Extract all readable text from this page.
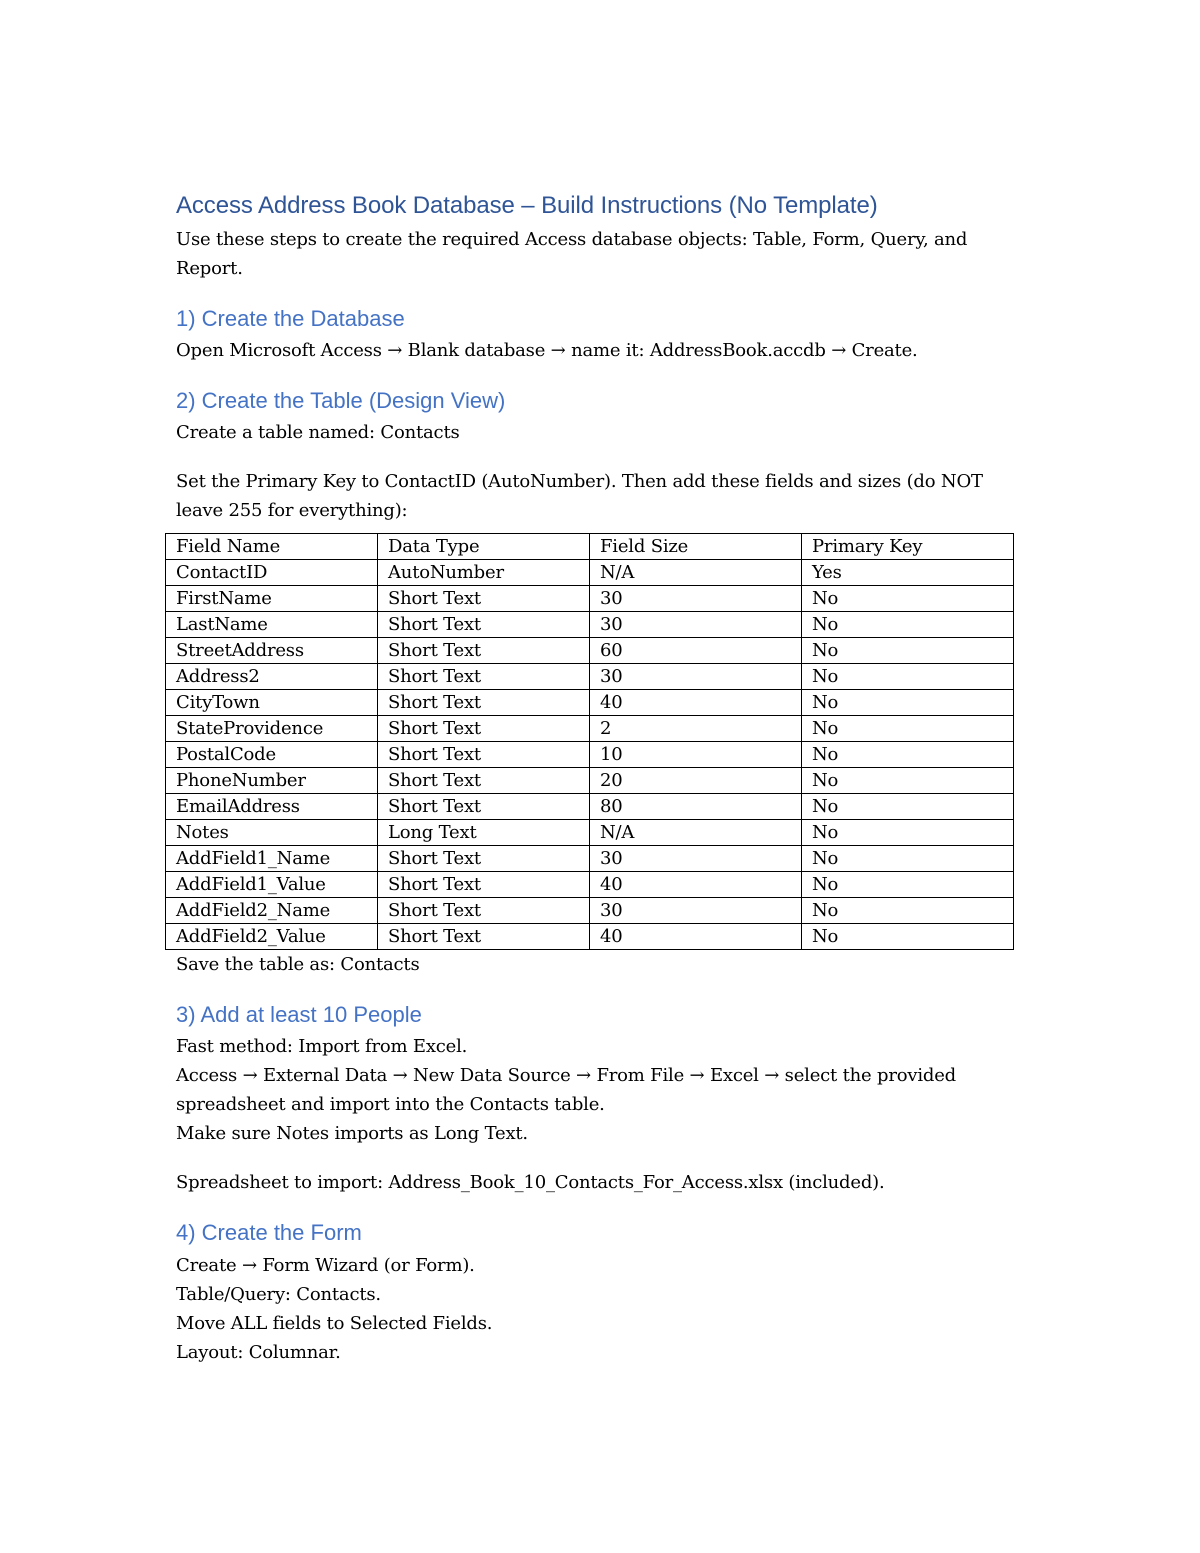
Access Address Book Database – Build Instructions (No Template)

Use these steps to create the required Access database objects: Table, Form, Query, and Report.

1) Create the Database

Open Microsoft Access → Blank database → name it: AddressBook.accdb → Create.

2) Create the Table (Design View)

Create a table named: Contacts

Set the Primary Key to ContactID (AutoNumber). Then add these fields and sizes (do NOT leave 255 for everything):

Field Name	Data Type	Field Size	Primary Key
ContactID	AutoNumber	N/A	Yes
FirstName	Short Text	30	No
LastName	Short Text	30	No
StreetAddress	Short Text	60	No
Address2	Short Text	30	No
CityTown	Short Text	40	No
StateProvidence	Short Text	2	No
PostalCode	Short Text	10	No
PhoneNumber	Short Text	20	No
EmailAddress	Short Text	80	No
Notes	Long Text	N/A	No
AddField1_Name	Short Text	30	No
AddField1_Value	Short Text	40	No
AddField2_Name	Short Text	30	No
AddField2_Value	Short Text	40	No

Save the table as: Contacts

3) Add at least 10 People

Fast method: Import from Excel.

Access → External Data → New Data Source → From File → Excel → select the provided spreadsheet and import into the Contacts table.

Make sure Notes imports as Long Text.

Spreadsheet to import: Address_Book_10_Contacts_For_Access.xlsx (included).

4) Create the Form

Create → Form Wizard (or Form).

Table/Query: Contacts.

Move ALL fields to Selected Fields.

Layout: Columnar.
